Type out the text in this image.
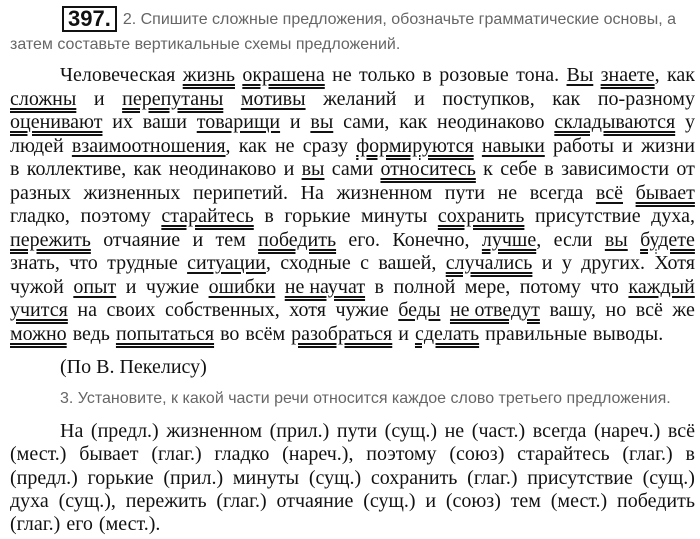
397. 2. Спишите сложные предложения, обозначьте грамматические основы, а
затем составьте вертикальные схемы предложений.
Человеческая жизнь окрашена не только в розовые тона. Вы знаете, как
сложны и перепутаны мотивы желаний и поступков, как по-разному
оценивают их ваши товарищи и вы сами, как неодинаково складываются у
людей взаимоотношения, как не сразу формируются навыки работы и жизни
в коллективе, как неодинаково и вы сами относитесь к себе в зависимости от
разных жизненных перипетий. На жизненном пути не всегда всё бывает
гладко, поэтому старайтесь в горькие минуты сохранить присутствие духа,
пережить отчаяние и тем победить его. Конечно, лучше, если вы будете
знать, что трудные ситуации, сходные с вашей, случались и у других. Хотя
чужой опыт и чужие ошибки не научат в полной мере, потому что каждый
учится на своих собственных, хотя чужие беды не отведут вашу, но всё же
можно ведь попытаться во всём разобраться и сделать правильные выводы.
(По В. Пекелису)
3. Установите, к какой части речи относится каждое слово третьего предложения.
На (предл.) жизненном (прил.) пути (сущ.) не (част.) всегда (нареч.) всё
(мест.) бывает (глаг.) гладко (нареч.), поэтому (союз) старайтесь (глаг.) в
(предл.) горькие (прил.) минуты (сущ.) сохранить (глаг.) присутствие (сущ.)
духа (сущ.), пережить (глаг.) отчаяние (сущ.) и (союз) тем (мест.) победить
(глаг.) его (мест.).
